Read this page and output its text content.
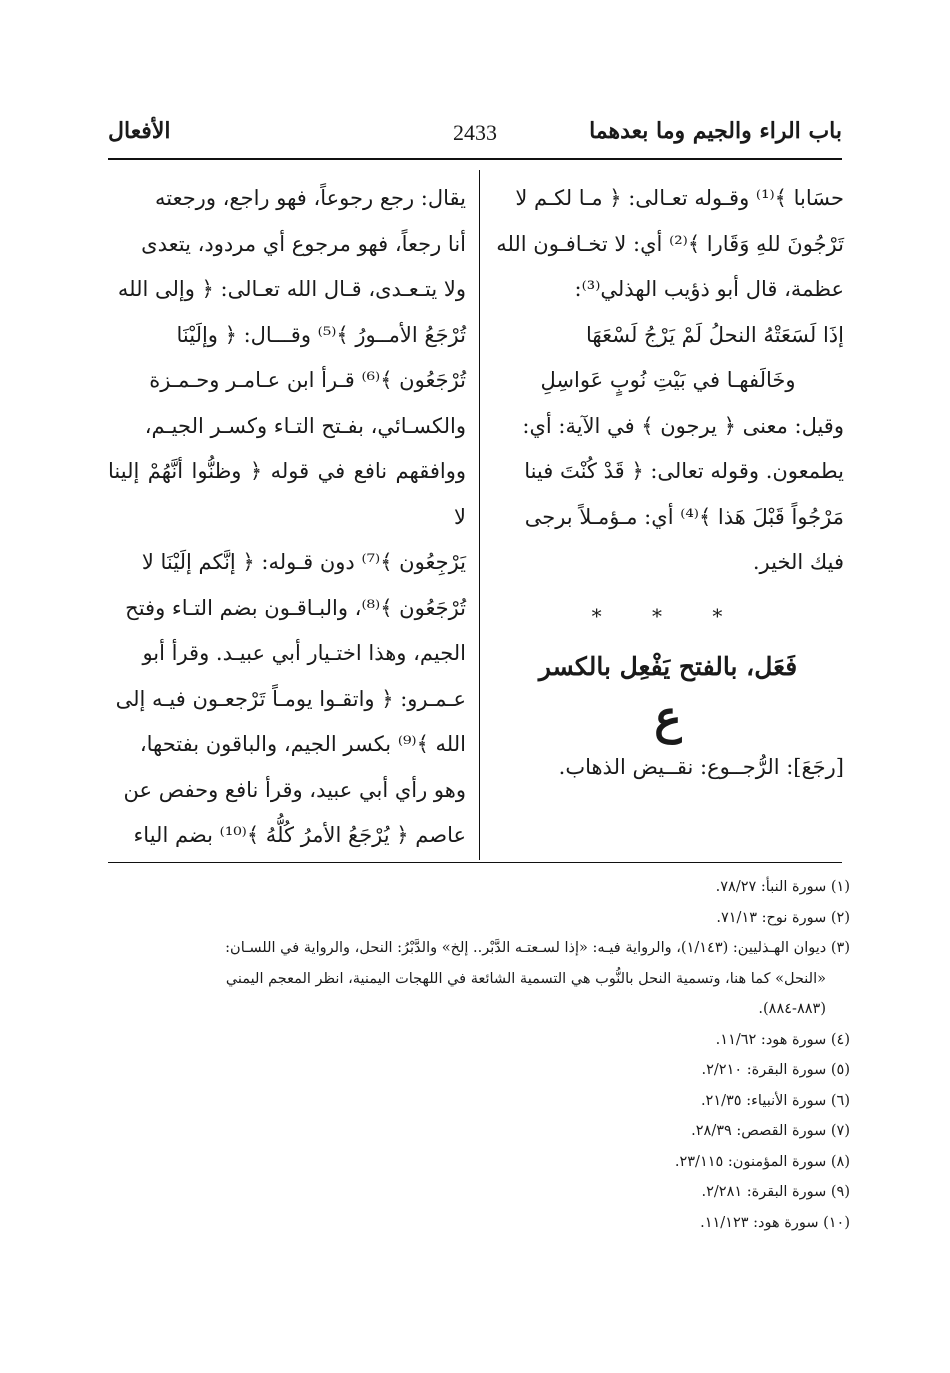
باب الراء والجيم وما بعدهما
2433
الأفعال

حسَابا ﴾⁽¹⁾ وقـوله تعـالى: ﴿ مـا لكـم لا

تَرْجُونَ للهِ وَقَارا ﴾⁽²⁾ أي: لا تخـافـون الله

عظمة، قال أبو ذؤيب الهذلي⁽³⁾:

إذَا لَسَعَتْهُ النحلُ لَمْ يَرْجُ لَسْعَهَا

وخَالَفهـا في بَيْتِ نُوبٍ عَواسِلِ

وقيل: معنى ﴿ يرجون ﴾ في الآية: أي:

يطمعون. وقوله تعالى: ﴿ قَدْ كُنْتَ فينا

مَرْجُواً قَبْلَ هَذا ﴾⁽⁴⁾ أي: مـؤمـلاً برجى

فيك الخير.

* * *
فَعَل، بالفتح يَفْعِل بالكسر
ع

[رجَعَ]: الرُّجــوع: نقــيض الذهاب.

يقال: رجع رجوعاً، فهو راجع، ورجعته

أنا رجعاً، فهو مرجوع أي مردود، يتعدى

ولا يتـعـدى، قـال الله تعـالى: ﴿ وإلى الله

تُرْجَعُ الأمــورُ ﴾⁽⁵⁾ وقـــال: ﴿ وإلَيْنَا

تُرْجَعُون ﴾⁽⁶⁾ قـرأ ابن عـامـر وحـمـزة

والكسـائي، بفـتح التـاء وكسـر الجيـم،

ووافقهم نافع في قوله ﴿ وظنُّوا أنَّهُمْ إلينا لا

يَرْجِعُون ﴾⁽⁷⁾ دون قـوله: ﴿ إنَّكم إلَيْنَا لا

تُرْجَعُون ﴾⁽⁸⁾، والبـاقـون بضم التـاء وفتح

الجيم، وهذا اختـيار أبي عبيـد. وقرأ أبو

عـمـرو: ﴿ واتقـوا يومـاً تَرْجعـون فيـه إلى

الله ﴾⁽⁹⁾ بكسر الجيم، والباقون بفتحها،

وهو رأي أبي عبيد، وقرأ نافع وحفص عن

عاصم ﴿ يُرْجَعُ الأمرُ كُلُّهُ ﴾⁽¹⁰⁾ بضم الياء

(١) سورة النبأ: ٧٨/٢٧.
(٢) سورة نوح: ٧١/١٣.
(٣) ديوان الهـذليين: (١/١٤٣)، والرواية فيـه: «إذا لسـعتـه الدَّبْر.. إلخ» والدَّبْرُ: النحل، والرواية في اللسـان:
«النحل» كما هنا، وتسمية النحل بالنُّوب هي التسمية الشائعة في اللهجات اليمنية، انظر المعجم اليمني
(٨٨٣-٨٨٤).
(٤) سورة هود: ١١/٦٢.
(٥) سورة البقرة: ٢/٢١٠.
(٦) سورة الأنبياء: ٢١/٣٥.
(٧) سورة القصص: ٢٨/٣٩.
(٨) سورة المؤمنون: ٢٣/١١٥.
(٩) سورة البقرة: ٢/٢٨١.
(١٠) سورة هود: ١١/١٢٣.
